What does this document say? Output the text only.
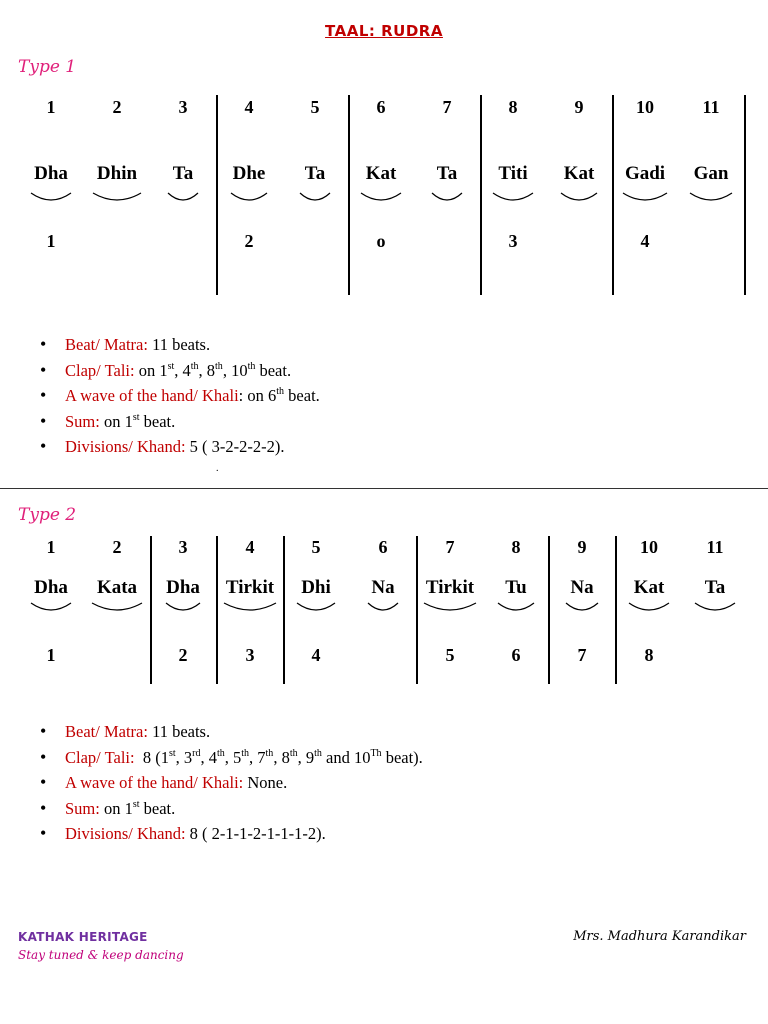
TAAL: RUDRA
Type 1
1
Dha
1
2
Dhin
3
Ta
4
Dhe
2
5
Ta
6
Kat
o
7
Ta
8
Titi
3
9
Kat
10
Gadi
4
11
Gan
• Beat/ Matra: 11 beats.
• Clap/ Tali: on 1st, 4th, 8th, 10th beat.
• A wave of the hand/ Khali: on 6th beat.
• Sum: on 1st beat.
• Divisions/ Khand: 5 ( 3-2-2-2-2).
.
Type 2
1
Dha
1
2
Kata
3
Dha
2
4
Tirkit
3
5
Dhi
4
6
Na
7
Tirkit
5
8
Tu
6
9
Na
7
10
Kat
8
11
Ta
• Beat/ Matra: 11 beats.
• Clap/ Tali: 8 (1st, 3rd, 4th, 5th, 7th, 8th, 9th and 10Th beat).
• A wave of the hand/ Khali: None.
• Sum: on 1st beat.
• Divisions/ Khand: 8 ( 2-1-1-2-1-1-1-2).
KATHAK HERITAGE
Stay tuned & keep dancing
Mrs. Madhura Karandikar
